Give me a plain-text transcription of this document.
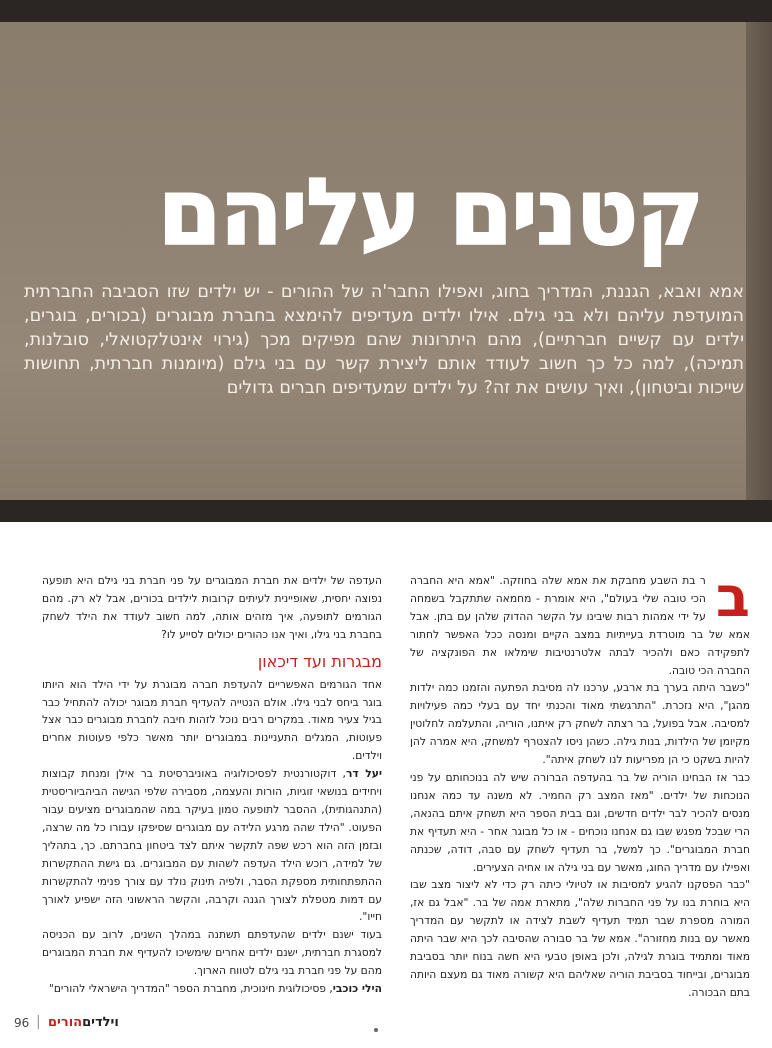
קטנים עליהם

אמא ואבא, הגננת, המדריך בחוג, ואפילו החבר'ה של ההורים - יש ילדים שזו הסביבה החברתית המועדפת עליהם ולא בני גילם. אילו ילדים מעדיפים להימצא בחברת מבוגרים (בכורים, בוגרים, ילדים עם קשיים חברתיים), מהם היתרונות שהם מפיקים מכך (גירוי אינטלקטואלי, סובלנות, תמיכה), למה כל כך חשוב לעודד אותם ליצירת קשר עם בני גילם (מיומנות חברתית, תחושות שייכות וביטחון), ואיך עושים את זה? על ילדים שמעדיפים חברים גדולים

| מאת: קורן דור |
ב

ר בת השבע מחבקת את אמא שלה בחוזקה. "אמא היא החברה הכי טובה שלי בעולם", היא אומרת - מחמאה שתתקבל בשמחה על ידי אמהות רבות שיבינו על הקשר ההדוק שלהן עם בתן. אבל אמא של בר מוטרדת בעייתיות במצב הקיים ומנסה ככל האפשר לחתור לתפקידה כאם ולהכיר לבתה אלטרנטיבות שימלאו את הפונקציה של החברה הכי טובה.

"כשבר היתה בערך בת ארבע, ערכנו לה מסיבת הפתעה והזמנו כמה ילדות מהגן", היא נזכרת. "התרגשתי מאוד והכנתי יחד עם בעלי כמה פעילויות למסיבה. אבל בפועל, בר רצתה לשחק רק איתנו, הוריה, והתעלמה לחלוטין מקיומן של הילדות, בנות גילה. כשהן ניסו להצטרף למשחק, היא אמרה להן להיות בשקט כי הן מפריעות לנו לשחק איתה".

כבר אז הבחינו הוריה של בר בהעדפה הברורה שיש לה בנוכחותם על פני הנוכחות של ילדים. "מאז המצב רק החמיר. לא משנה עד כמה אנחנו מנסים להכיר לבר ילדים חדשים, וגם בבית הספר היא תשחק איתם בהנאה, הרי שבכל מפגש שבו גם אנחנו נוכחים - או כל מבוגר אחר - היא תעדיף את חברת המבוגרים". כך למשל, בר תעדיף לשחק עם סבה, דודה, שכנתה ואפילו עם מדריך החוג, מאשר עם בני גילה או אחיה הצעירים.

"כבר הפסקנו להגיע למסיבות או לטיולי כיתה רק כדי לא ליצור מצב שבו היא בוחרת בנו על פני החברות שלה", מתארת אמה של בר. "אבל גם אז, המורה מספרת שבר תמיד תעדיף לשבת לצידה או לתקשר עם המדריך מאשר עם בנות מחזורה". אמא של בר סבורה שהסיבה לכך היא שבר היתה מאוד ומתמיד בוגרת לגילה, ולכן באופן טבעי היא חשה בנוח יותר בסביבת מבוגרים, ובייחוד בסביבת הוריה שאליהם היא קשורה מאוד גם מעצם היותה בתם הבכורה.

העדפה של ילדים את חברת המבוגרים על פני חברת בני גילם היא תופעה נפוצה יחסית, שאופיינית לעיתים קרובות לילדים בכורים, אבל לא רק. מהם הגורמים לתופעה, איך מזהים אותה, למה חשוב לעודד את הילד לשחק בחברת בני גילו, ואיך אנו כהורים יכולים לסייע לו?

מבגרות ועד דיכאון

אחד הגורמים האפשריים להעדפת חברה מבוגרת על ידי הילד הוא היותו בוגר ביחס לבני גילו. אולם הנטייה להעדיף חברת מבוגר יכולה להתחיל כבר בגיל צעיר מאוד. במקרים רבים נוכל לזהות חיבה לחברת מבוגרים כבר אצל פעוטות, המגלים התעניינות במבוגרים יותר מאשר כלפי פעוטות אחרים וילדים.

יעל דר, דוקטורנטית לפסיכולוגיה באוניברסיטת בר אילן ומנחת קבוצות ויחידים בנושאי זוגיות, הורות והעצמה, מסבירה שלפי הגישה הביהביוריסטית (התנהגותית), ההסבר לתופעה טמון בעיקר במה שהמבוגרים מציעים עבור הפעוט. "הילד שהה מרגע הלידה עם מבוגרים שסיפקו עבורו כל מה שרצה, ובזמן הזה הוא רכש שפה לתקשר איתם לצד ביטחון בחברתם. כך, בתהליך של למידה, רוכש הילד העדפה לשהות עם המבוגרים. גם גישת ההתקשרות ההתפתחותית מספקת הסבר, ולפיה תינוק נולד עם צורך פנימי להתקשרות עם דמות מטפלת לצורך הגנה וקרבה, והקשר הראשוני הזה ישפיע לאורך חייו".

בעוד ישנם ילדים שהעדפתם תשתנה במהלך השנים, לרוב עם הכניסה למסגרת חברתית, ישנם ילדים אחרים שימשיכו להעדיף את חברת המבוגרים מהם על פני חברת בני גילם לטווח הארוך.

הילי כוכבי, פסיכולוגית חינוכית, מחברת הספר "המדריך הישראלי להורים"

96 |	וילדיםהורים
